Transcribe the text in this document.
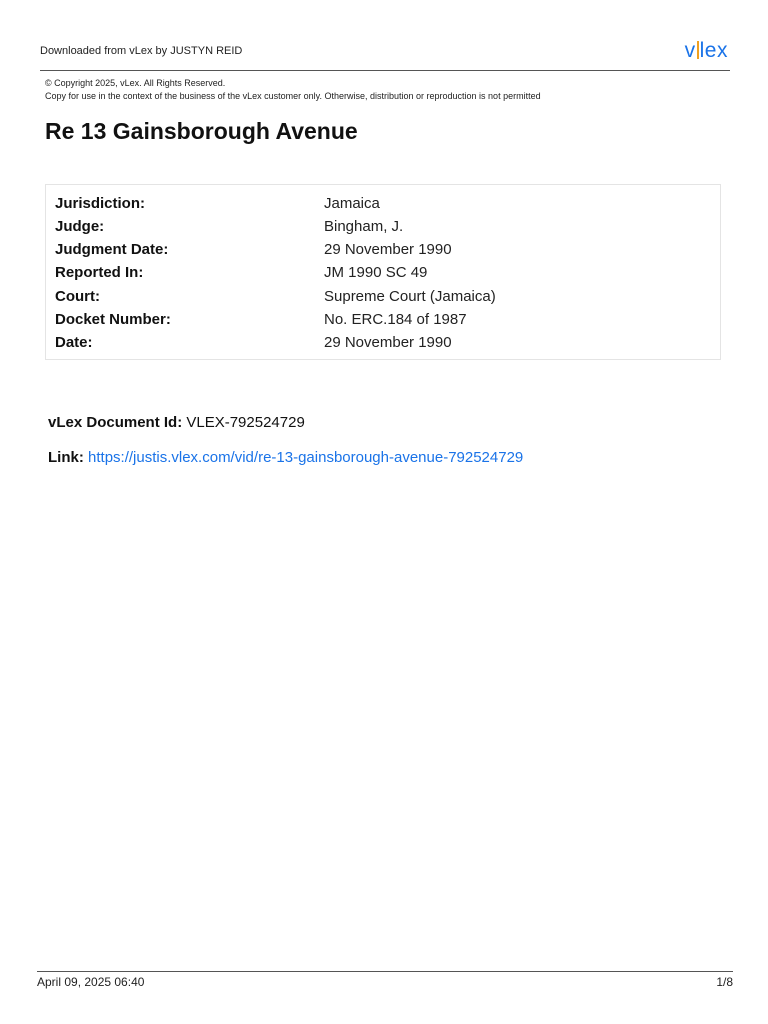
Downloaded from vLex by JUSTYN REID	v lex
© Copyright 2025, vLex. All Rights Reserved.
Copy for use in the context of the business of the vLex customer only. Otherwise, distribution or reproduction is not permitted
Re 13 Gainsborough Avenue
Jurisdiction:	Jamaica
Judge:	Bingham, J.
Judgment Date:	29 November 1990
Reported In:	JM 1990 SC 49
Court:	Supreme Court (Jamaica)
Docket Number:	No. ERC.184 of 1987
Date:	29 November 1990
vLex Document Id: VLEX-792524729
Link: https://justis.vlex.com/vid/re-13-gainsborough-avenue-792524729
April 09, 2025 06:40	1/8
